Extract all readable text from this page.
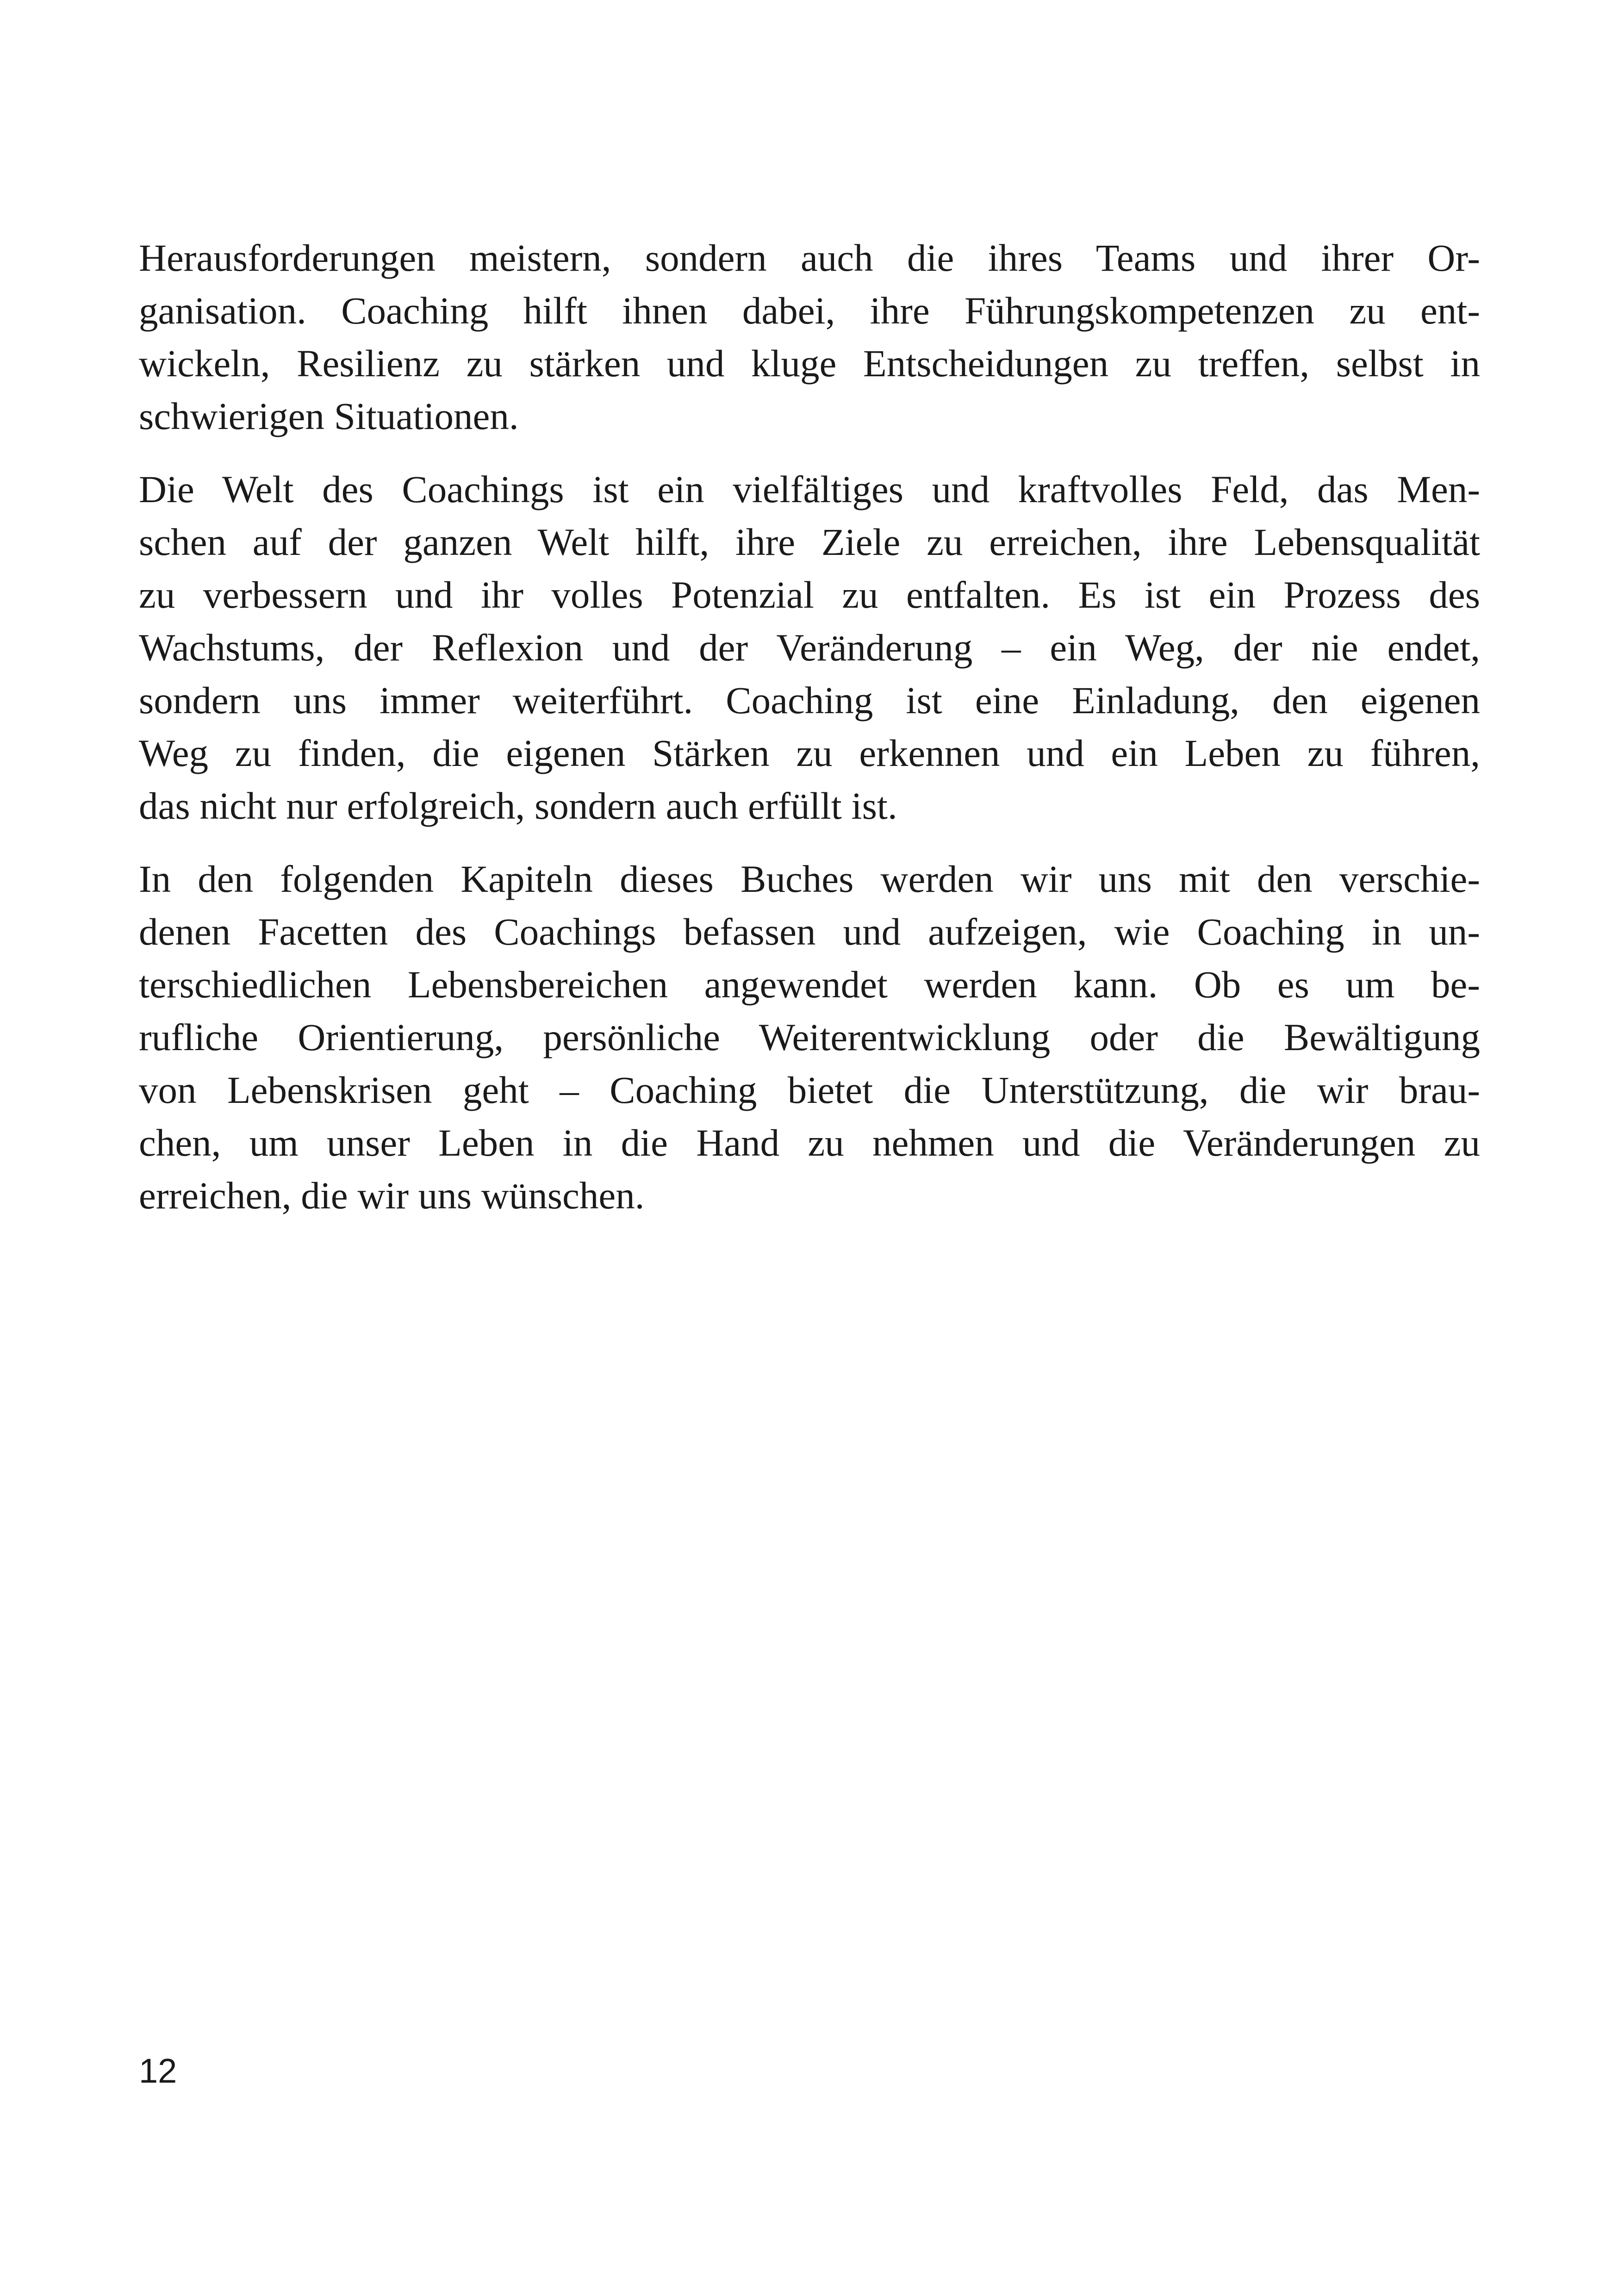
Herausforderungen meistern, sondern auch die ihres Teams und ihrer Or-
ganisation. Coaching hilft ihnen dabei, ihre Führungskompetenzen zu ent-
wickeln, Resilienz zu stärken und kluge Entscheidungen zu treffen, selbst in
schwierigen Situationen.
Die Welt des Coachings ist ein vielfältiges und kraftvolles Feld, das Men-
schen auf der ganzen Welt hilft, ihre Ziele zu erreichen, ihre Lebensqualität
zu verbessern und ihr volles Potenzial zu entfalten. Es ist ein Prozess des
Wachstums, der Reflexion und der Veränderung – ein Weg, der nie endet,
sondern uns immer weiterführt. Coaching ist eine Einladung, den eigenen
Weg zu finden, die eigenen Stärken zu erkennen und ein Leben zu führen,
das nicht nur erfolgreich, sondern auch erfüllt ist.
In den folgenden Kapiteln dieses Buches werden wir uns mit den verschie-
denen Facetten des Coachings befassen und aufzeigen, wie Coaching in un-
terschiedlichen Lebensbereichen angewendet werden kann. Ob es um be-
rufliche Orientierung, persönliche Weiterentwicklung oder die Bewältigung
von Lebenskrisen geht – Coaching bietet die Unterstützung, die wir brau-
chen, um unser Leben in die Hand zu nehmen und die Veränderungen zu
erreichen, die wir uns wünschen.
12
